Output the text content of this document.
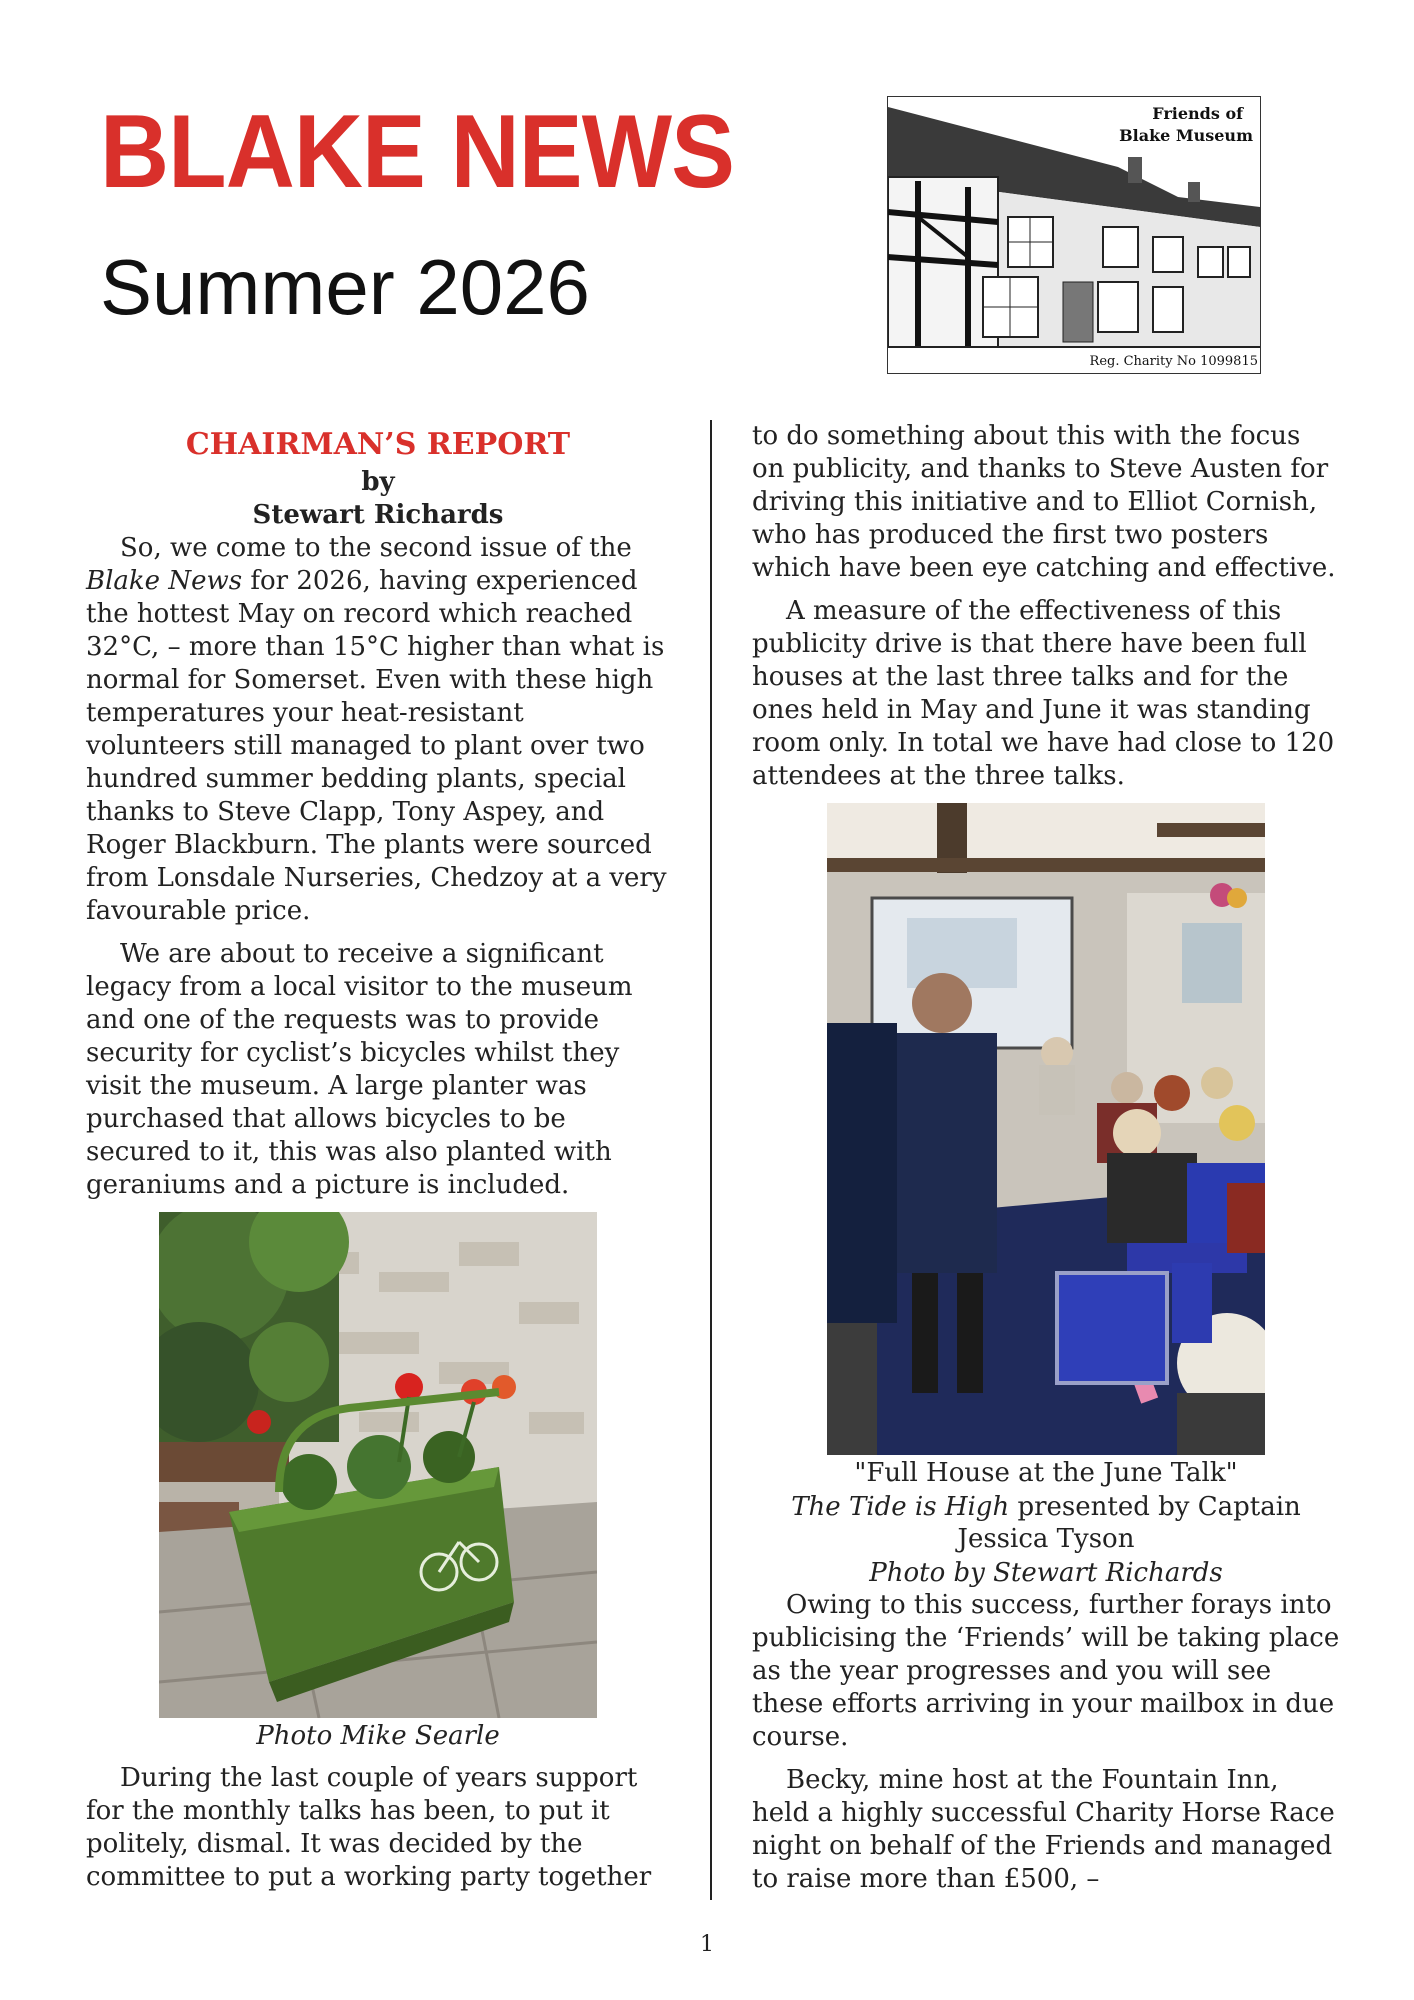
BLAKE NEWS
Summer 2026
Friends of
Blake Museum
Reg. Charity No 1099815
CHAIRMAN’S REPORT

by

Stewart Richards

So, we come to the second issue of the Blake News for 2026, having experienced the hottest May on record which reached 32°C, – more than 15°C higher than what is normal for Somerset. Even with these high temperatures your heat-resistant volunteers still managed to plant over two hundred summer bedding plants, special thanks to Steve Clapp, Tony Aspey, and Roger Blackburn. The plants were sourced from Lonsdale Nurseries, Chedzoy at a very favourable price.

We are about to receive a significant legacy from a local visitor to the museum and one of the requests was to provide security for cyclist’s bicycles whilst they visit the museum. A large planter was purchased that allows bicycles to be secured to it, this was also planted with geraniums and a picture is included.

Photo Mike Searle

During the last couple of years support for the monthly talks has been, to put it politely, dismal. It was decided by the committee to put a working party together

to do something about this with the focus on publicity, and thanks to Steve Austen for driving this initiative and to Elliot Cornish, who has produced the first two posters which have been eye catching and effective.

A measure of the effectiveness of this publicity drive is that there have been full houses at the last three talks and for the ones held in May and June it was standing room only. In total we have had close to 120 attendees at the three talks.

"Full House at the June Talk"

The Tide is High presented by Captain Jessica Tyson

Photo by Stewart Richards

Owing to this success, further forays into publicising the ‘Friends’ will be taking place as the year progresses and you will see these efforts arriving in your mailbox in due course.

Becky, mine host at the Fountain Inn, held a highly successful Charity Horse Race night on behalf of the Friends and managed to raise more than £500, –

1
